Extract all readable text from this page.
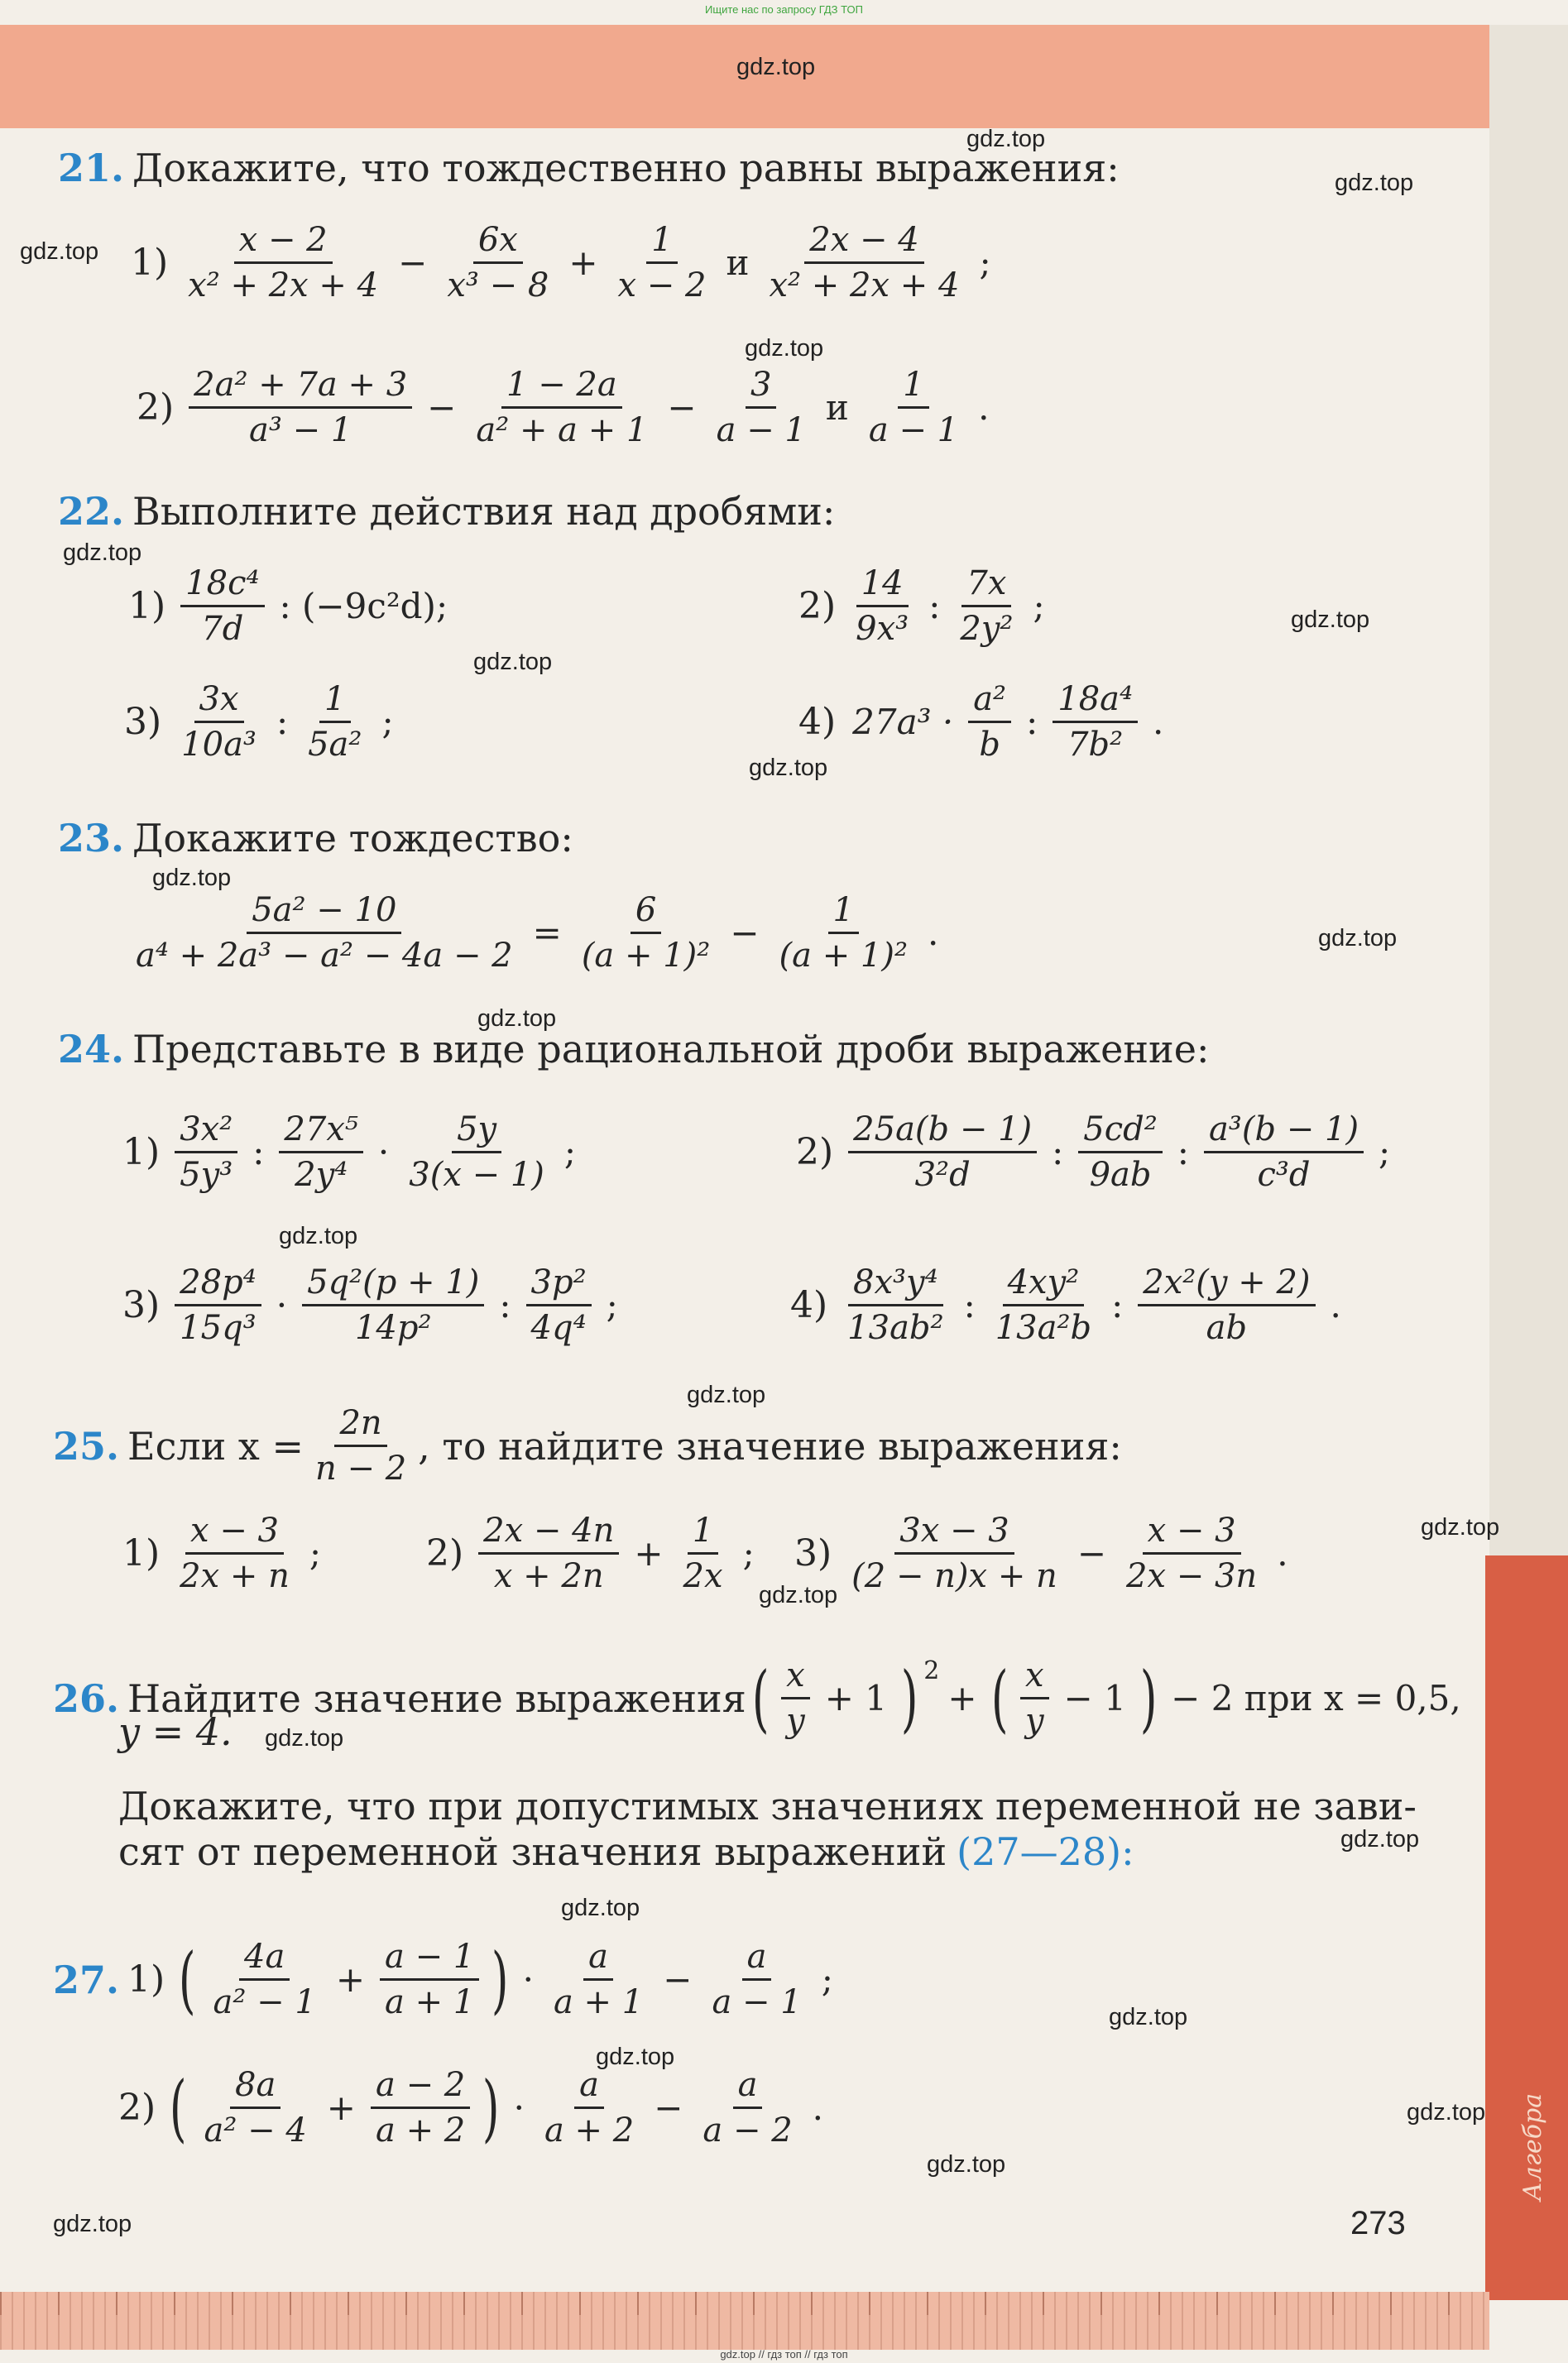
Ищите нас по запросу ГДЗ ТОП
Алгебра
gdz.top // гдз топ // гдз топ
gdz.top
gdz.top
gdz.top
gdz.top
gdz.top
gdz.top
gdz.top
gdz.top
gdz.top
gdz.top
gdz.top
gdz.top
gdz.top
gdz.top
gdz.top
gdz.top
gdz.top
gdz.top
gdz.top
gdz.top
gdz.top
gdz.top
gdz.top
gdz.top
21. Докажите, что тождественно равны выражения:
$1) \frac{x - 2}{\text{x² + 2x + 4}} - \frac{6x}{\text{x³ − 8}} + \frac{1}{x - 2}$ и $\frac{2x - 4}{\text{x² + 2x + 4}}$ ;
$2) \frac{\text{2a² + 7a + 3}}{\text{a³ − 1}} - \frac{1 - 2a}{\text{a² + a + 1}} - \frac{3}{a - 1}$ и $\frac{1}{a - 1}$ .
22. Выполните действия над дробями:
$1) \frac{\text{18c⁴}}{7d}$ : (−9c²d);	$2) \frac{14}{\text{9x³}}$ : $\frac{7x}{\text{2y²}}$ ;
$3) \frac{3x}{\text{10a³}}$ : $\frac{1}{\text{5a²}}$ ;	4) $27a^3 \cdot \frac{\text{a²}}{b}$ : $\frac{\text{18a⁴}}{\text{7b²}}$ .
23. Докажите тождество:
$\frac{\text{5a² − 10}}{\text{a⁴ + 2a³ − a² − 4a − 2}} = \frac{6}{\text{(a + 1)²}} - \frac{1}{\text{(a + 1)²}}$ .
24. Представьте в виде рациональной дроби выражение:
$1) \frac{\text{3x²}}{\text{5y³}}$ : $\frac{\text{27x⁵}}{\text{2y⁴}} \cdot \frac{5y}{3(x - 1)}$ ;	$2) \frac{25a(b - 1)}{\text{3²d}}$ : $\frac{\text{5cd²}}{9ab}$ : $\frac{\text{a³(b − 1)}}{\text{c³d}}$ ;
$3) \frac{\text{28p⁴}}{\text{15q³}} \cdot \frac{\text{5q²(p + 1)}}{\text{14p²}}$ : $\frac{\text{3p²}}{\text{4q⁴}}$ ;	$4) \frac{\text{8x³y⁴}}{\text{13ab²}}$ : $\frac{\text{4xy²}}{\text{13a²b}}$ : $\frac{\text{2x²(y + 2)}}{ab}$ .
25. Если $x = \frac{2n}{n - 2}$ , то найдите значение выражения:
$1) \frac{x - 3}{2x + n}$ ;	$2) \frac{2x - 4n}{x + 2n} + \frac{1}{2x}$ ; $3) \frac{3x - 3}{(2 - n)x + n} - \frac{x - 3}{2x - 3n}$ .
26. Найдите значение выражения ( $\frac{x}{y} + 1$ )$^2$
+ ( $\frac{x}{y} - 1$ ) − 2 при x = 0,5,
y = 4.
Докажите, что при допустимых значениях переменной не зави-
сят от переменной значения выражений (27—28):
27. 1) ( $\frac{4a}{\text{a² − 1}} + \frac{a - 1}{a + 1}$ ) · $\frac{a}{a + 1} - \frac{a}{a - 1}$ ;
2) ( $\frac{8a}{\text{a² − 4}} + \frac{a - 2}{a + 2}$ ) · $\frac{a}{a + 2} - \frac{a}{a - 2}$ .
273
